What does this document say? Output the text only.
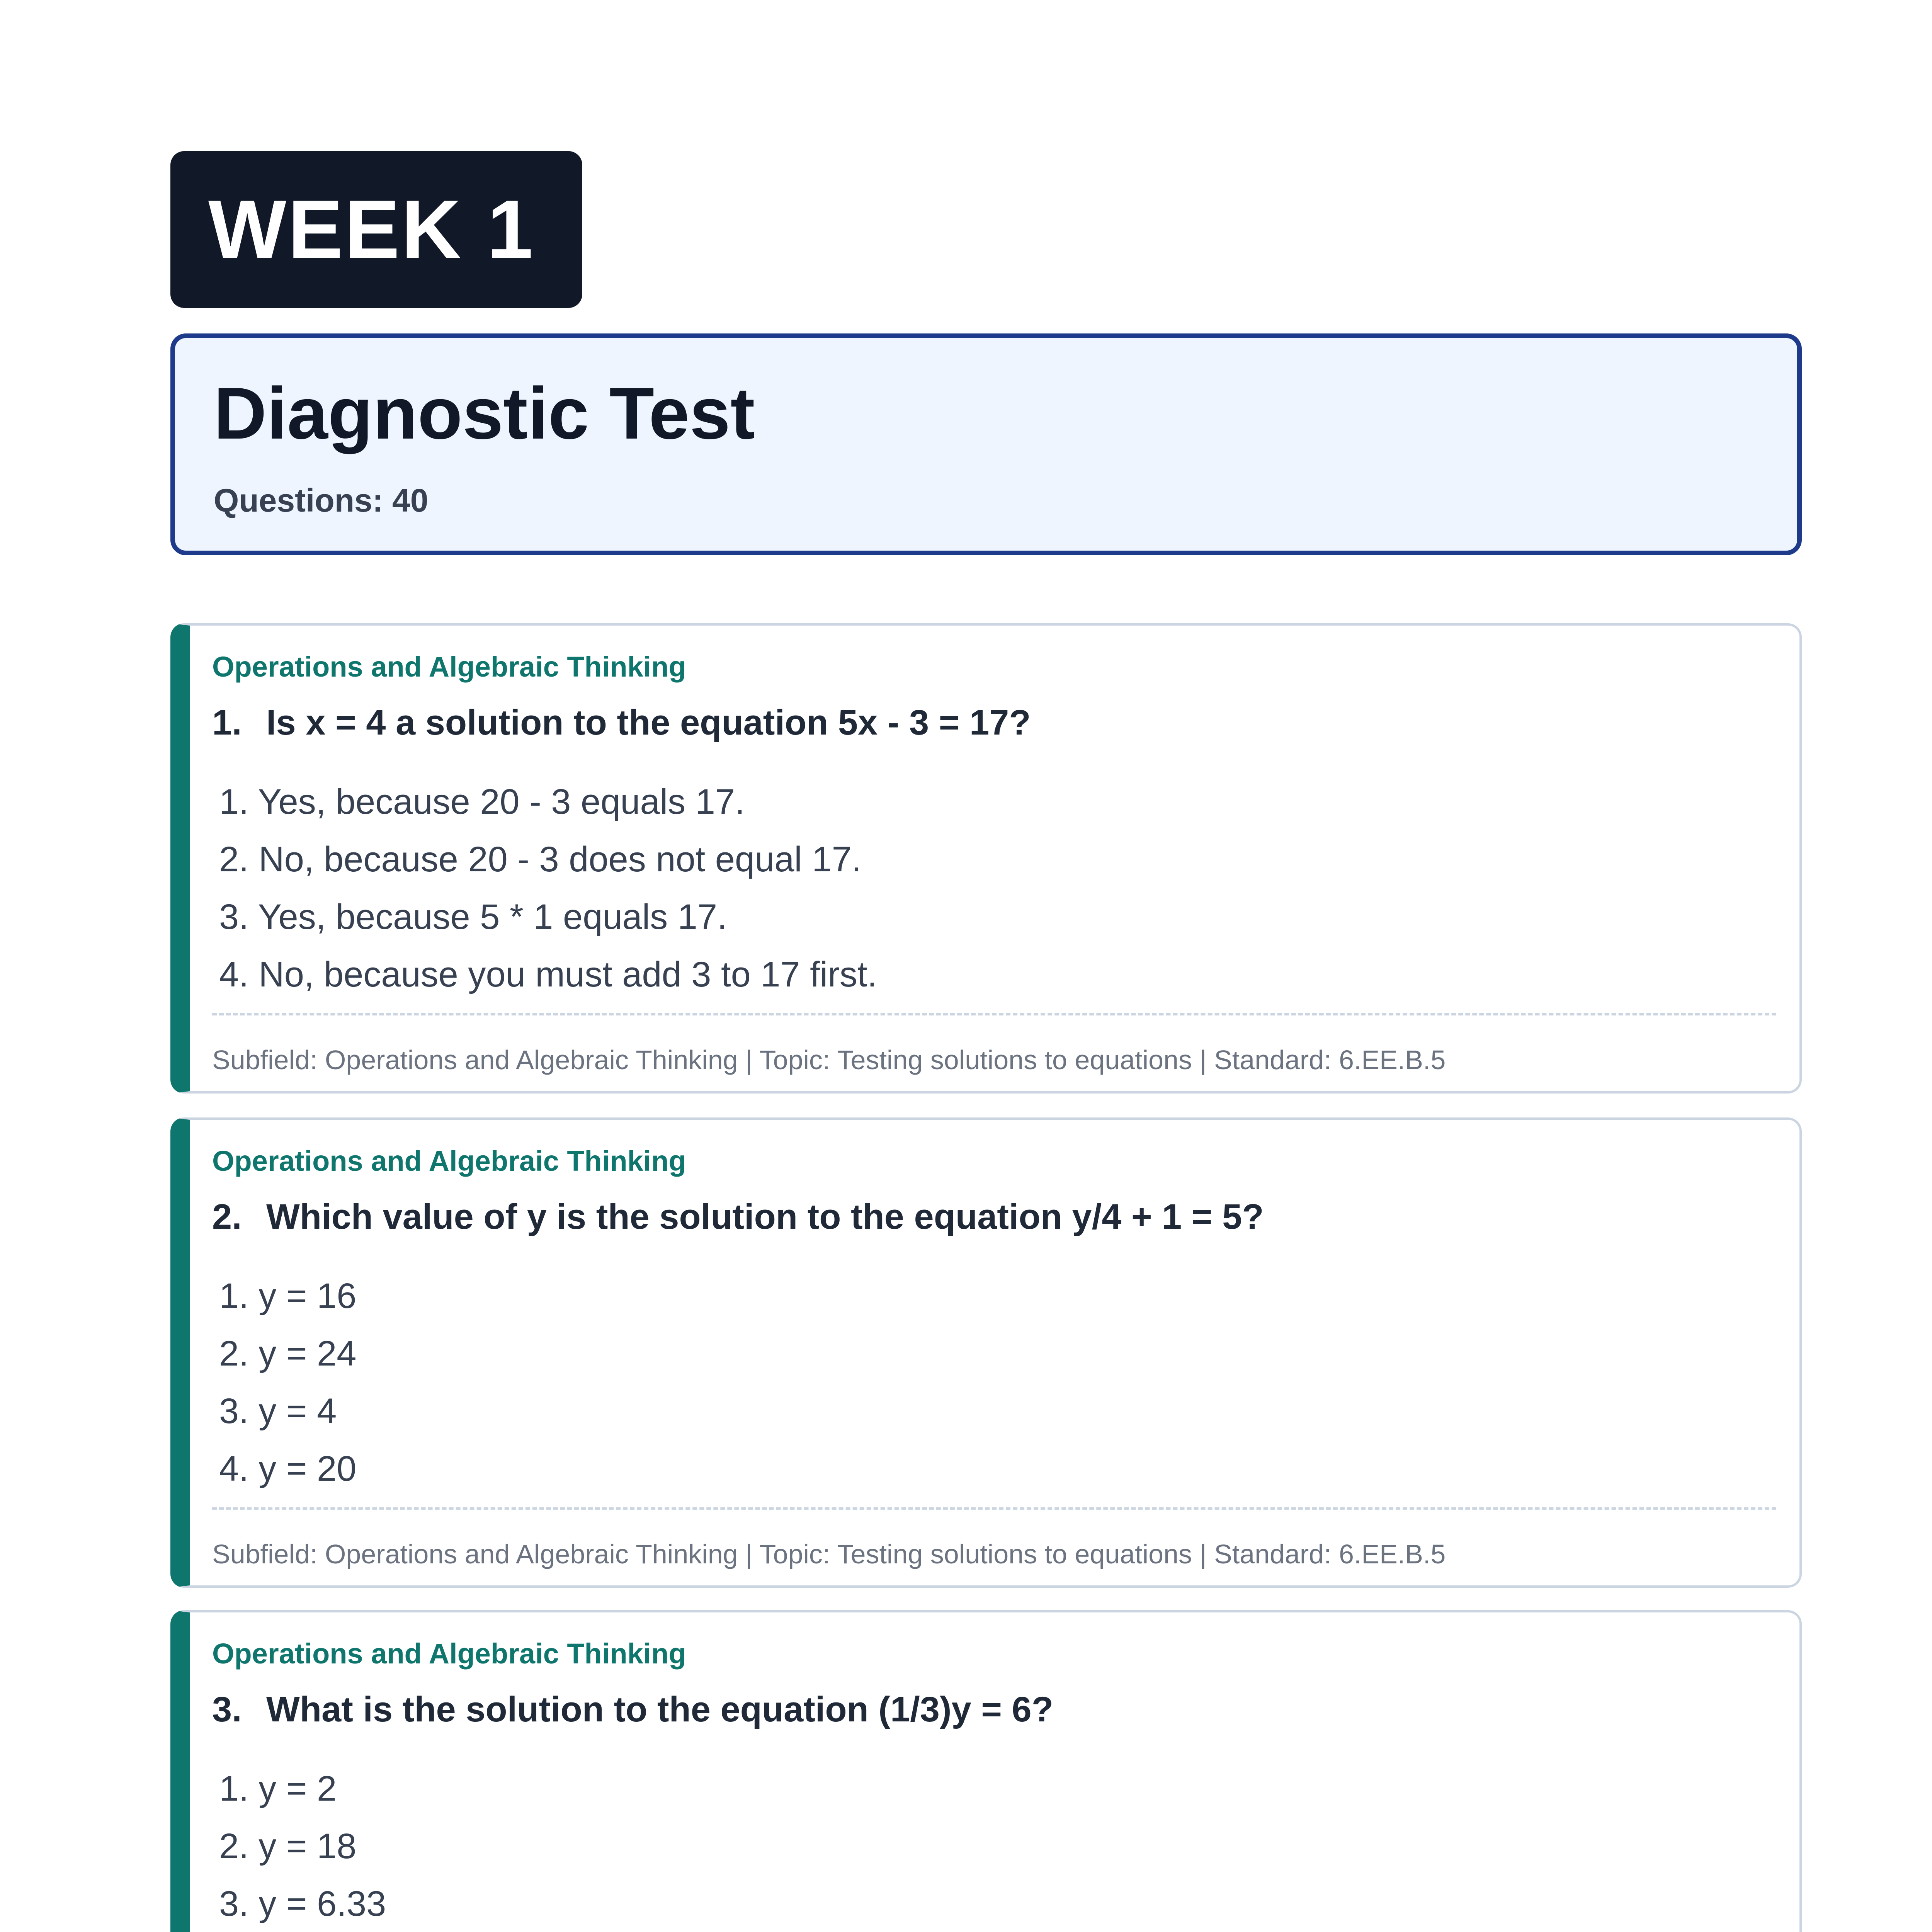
WEEK 1
Diagnostic Test
Questions: 40
Operations and Algebraic Thinking
1. Is x = 4 a solution to the equation 5x - 3 = 17?
1. Yes, because 20 - 3 equals 17.
2. No, because 20 - 3 does not equal 17.
3. Yes, because 5 * 1 equals 17.
4. No, because you must add 3 to 17 first.
Subfield: Operations and Algebraic Thinking | Topic: Testing solutions to equations | Standard: 6.EE.B.5
Operations and Algebraic Thinking
2. Which value of y is the solution to the equation y/4 + 1 = 5?
1. y = 16
2. y = 24
3. y = 4
4. y = 20
Subfield: Operations and Algebraic Thinking | Topic: Testing solutions to equations | Standard: 6.EE.B.5
Operations and Algebraic Thinking
3. What is the solution to the equation (1/3)y = 6?
1. y = 2
2. y = 18
3. y = 6.33
